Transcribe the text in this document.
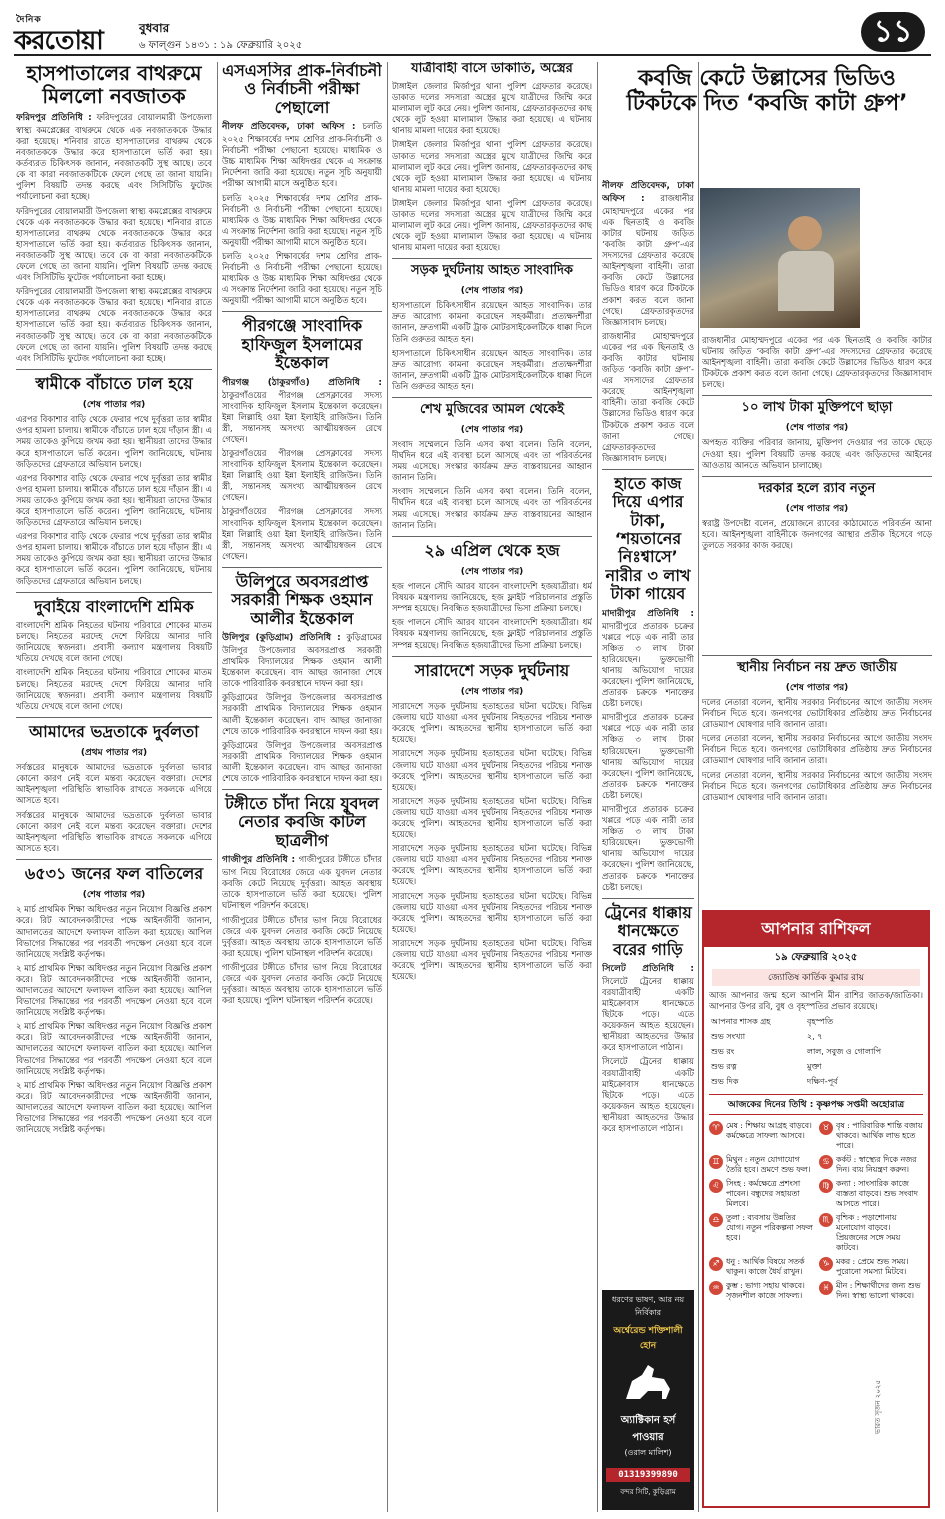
দৈনিক
করতোয়া	বুধবার
৬ ফাল্গুন ১৪৩১ : ১৯ ফেব্রুয়ারি ২০২৫	১১
হাসপাতালের বাথরুমে মিললো নবজাতক

ফরিদপুর প্রতিনিধি : ফরিদপুরের বোয়ালমারী উপজেলা স্বাস্থ্য কমপ্লেক্সের বাথরুমে থেকে এক নবজাতককে উদ্ধার করা হয়েছে। শনিবার রাতে হাসপাতালের বাথরুম থেকে নবজাতককে উদ্ধার করে হাসপাতালে ভর্তি করা হয়। কর্তব্যরত চিকিৎসক জানান, নবজাতকটি সুস্থ আছে। তবে কে বা কারা নবজাতকটিকে ফেলে গেছে তা জানা যায়নি। পুলিশ বিষয়টি তদন্ত করছে এবং সিসিটিভি ফুটেজ পর্যালোচনা করা হচ্ছে।

ফরিদপুরের বোয়ালমারী উপজেলা স্বাস্থ্য কমপ্লেক্সের বাথরুমে থেকে এক নবজাতককে উদ্ধার করা হয়েছে। শনিবার রাতে হাসপাতালের বাথরুম থেকে নবজাতককে উদ্ধার করে হাসপাতালে ভর্তি করা হয়। কর্তব্যরত চিকিৎসক জানান, নবজাতকটি সুস্থ আছে। তবে কে বা কারা নবজাতকটিকে ফেলে গেছে তা জানা যায়নি। পুলিশ বিষয়টি তদন্ত করছে এবং সিসিটিভি ফুটেজ পর্যালোচনা করা হচ্ছে।

ফরিদপুরের বোয়ালমারী উপজেলা স্বাস্থ্য কমপ্লেক্সের বাথরুমে থেকে এক নবজাতককে উদ্ধার করা হয়েছে। শনিবার রাতে হাসপাতালের বাথরুম থেকে নবজাতককে উদ্ধার করে হাসপাতালে ভর্তি করা হয়। কর্তব্যরত চিকিৎসক জানান, নবজাতকটি সুস্থ আছে। তবে কে বা কারা নবজাতকটিকে ফেলে গেছে তা জানা যায়নি। পুলিশ বিষয়টি তদন্ত করছে এবং সিসিটিভি ফুটেজ পর্যালোচনা করা হচ্ছে।

স্বামীকে বাঁচাতে ঢাল হয়ে
(শেষ পাতার পর)

এরপর বিকাশার বাড়ি থেকে ফেরার পথে দুর্বৃত্তরা তার স্বামীর ওপর হামলা চালায়। স্বামীকে বাঁচাতে ঢাল হয়ে দাঁড়ান স্ত্রী। এ সময় তাকেও কুপিয়ে জখম করা হয়। স্থানীয়রা তাদের উদ্ধার করে হাসপাতালে ভর্তি করেন। পুলিশ জানিয়েছে, ঘটনায় জড়িতদের গ্রেফতারে অভিযান চলছে।

এরপর বিকাশার বাড়ি থেকে ফেরার পথে দুর্বৃত্তরা তার স্বামীর ওপর হামলা চালায়। স্বামীকে বাঁচাতে ঢাল হয়ে দাঁড়ান স্ত্রী। এ সময় তাকেও কুপিয়ে জখম করা হয়। স্থানীয়রা তাদের উদ্ধার করে হাসপাতালে ভর্তি করেন। পুলিশ জানিয়েছে, ঘটনায় জড়িতদের গ্রেফতারে অভিযান চলছে।

এরপর বিকাশার বাড়ি থেকে ফেরার পথে দুর্বৃত্তরা তার স্বামীর ওপর হামলা চালায়। স্বামীকে বাঁচাতে ঢাল হয়ে দাঁড়ান স্ত্রী। এ সময় তাকেও কুপিয়ে জখম করা হয়। স্থানীয়রা তাদের উদ্ধার করে হাসপাতালে ভর্তি করেন। পুলিশ জানিয়েছে, ঘটনায় জড়িতদের গ্রেফতারে অভিযান চলছে।

দুবাইয়ে বাংলাদেশি শ্রমিক

বাংলাদেশি শ্রমিক নিহতের ঘটনায় পরিবারে শোকের মাতম চলছে। নিহতের মরদেহ দেশে ফিরিয়ে আনার দাবি জানিয়েছে স্বজনরা। প্রবাসী কল্যাণ মন্ত্রণালয় বিষয়টি খতিয়ে দেখছে বলে জানা গেছে।

বাংলাদেশি শ্রমিক নিহতের ঘটনায় পরিবারে শোকের মাতম চলছে। নিহতের মরদেহ দেশে ফিরিয়ে আনার দাবি জানিয়েছে স্বজনরা। প্রবাসী কল্যাণ মন্ত্রণালয় বিষয়টি খতিয়ে দেখছে বলে জানা গেছে।

আমাদের ভদ্রতাকে দুর্বলতা
(প্রথম পাতার পর)

সর্বস্তরের মানুষকে আমাদের ভদ্রতাকে দুর্বলতা ভাবার কোনো কারণ নেই বলে মন্তব্য করেছেন বক্তারা। দেশের আইনশৃঙ্খলা পরিস্থিতি স্বাভাবিক রাখতে সকলকে এগিয়ে আসতে হবে।

সর্বস্তরের মানুষকে আমাদের ভদ্রতাকে দুর্বলতা ভাবার কোনো কারণ নেই বলে মন্তব্য করেছেন বক্তারা। দেশের আইনশৃঙ্খলা পরিস্থিতি স্বাভাবিক রাখতে সকলকে এগিয়ে আসতে হবে।

৬৫৩১ জনের ফল বাতিলের
(শেষ পাতার পর)

২ মার্চ প্রাথমিক শিক্ষা অধিদপ্তর নতুন নিয়োগ বিজ্ঞপ্তি প্রকাশ করে। রিট আবেদনকারীদের পক্ষে আইনজীবী জানান, আদালতের আদেশে ফলাফল বাতিল করা হয়েছে। আপিল বিভাগের সিদ্ধান্তের পর পরবর্তী পদক্ষেপ নেওয়া হবে বলে জানিয়েছে সংশ্লিষ্ট কর্তৃপক্ষ।

২ মার্চ প্রাথমিক শিক্ষা অধিদপ্তর নতুন নিয়োগ বিজ্ঞপ্তি প্রকাশ করে। রিট আবেদনকারীদের পক্ষে আইনজীবী জানান, আদালতের আদেশে ফলাফল বাতিল করা হয়েছে। আপিল বিভাগের সিদ্ধান্তের পর পরবর্তী পদক্ষেপ নেওয়া হবে বলে জানিয়েছে সংশ্লিষ্ট কর্তৃপক্ষ।

২ মার্চ প্রাথমিক শিক্ষা অধিদপ্তর নতুন নিয়োগ বিজ্ঞপ্তি প্রকাশ করে। রিট আবেদনকারীদের পক্ষে আইনজীবী জানান, আদালতের আদেশে ফলাফল বাতিল করা হয়েছে। আপিল বিভাগের সিদ্ধান্তের পর পরবর্তী পদক্ষেপ নেওয়া হবে বলে জানিয়েছে সংশ্লিষ্ট কর্তৃপক্ষ।

২ মার্চ প্রাথমিক শিক্ষা অধিদপ্তর নতুন নিয়োগ বিজ্ঞপ্তি প্রকাশ করে। রিট আবেদনকারীদের পক্ষে আইনজীবী জানান, আদালতের আদেশে ফলাফল বাতিল করা হয়েছে। আপিল বিভাগের সিদ্ধান্তের পর পরবর্তী পদক্ষেপ নেওয়া হবে বলে জানিয়েছে সংশ্লিষ্ট কর্তৃপক্ষ।

এসএসসির প্রাক-নির্বাচনী ও নির্বাচনী পরীক্ষা পেছালো

নীলফ প্রতিবেদক, ঢাকা অফিস : চলতি ২০২৫ শিক্ষাবর্ষের দশম শ্রেণির প্রাক-নির্বাচনী ও নির্বাচনী পরীক্ষা পেছানো হয়েছে। মাধ্যমিক ও উচ্চ মাধ্যমিক শিক্ষা অধিদপ্তর থেকে এ সংক্রান্ত নির্দেশনা জারি করা হয়েছে। নতুন সূচি অনুযায়ী পরীক্ষা আগামী মাসে অনুষ্ঠিত হবে।

চলতি ২০২৫ শিক্ষাবর্ষের দশম শ্রেণির প্রাক-নির্বাচনী ও নির্বাচনী পরীক্ষা পেছানো হয়েছে। মাধ্যমিক ও উচ্চ মাধ্যমিক শিক্ষা অধিদপ্তর থেকে এ সংক্রান্ত নির্দেশনা জারি করা হয়েছে। নতুন সূচি অনুযায়ী পরীক্ষা আগামী মাসে অনুষ্ঠিত হবে।

চলতি ২০২৫ শিক্ষাবর্ষের দশম শ্রেণির প্রাক-নির্বাচনী ও নির্বাচনী পরীক্ষা পেছানো হয়েছে। মাধ্যমিক ও উচ্চ মাধ্যমিক শিক্ষা অধিদপ্তর থেকে এ সংক্রান্ত নির্দেশনা জারি করা হয়েছে। নতুন সূচি অনুযায়ী পরীক্ষা আগামী মাসে অনুষ্ঠিত হবে।

পীরগঞ্জে সাংবাদিক হাফিজুল ইসলামের ইন্তেকাল

পীরগঞ্জ (ঠাকুরগাঁও) প্রতিনিধি : ঠাকুরগাঁওয়ের পীরগঞ্জ প্রেসক্লাবের সদস্য সাংবাদিক হাফিজুল ইসলাম ইন্তেকাল করেছেন। ইন্না লিল্লাহি ওয়া ইন্না ইলাইহি রাজিউন। তিনি স্ত্রী, সন্তানসহ অসংখ্য আত্মীয়স্বজন রেখে গেছেন।

ঠাকুরগাঁওয়ের পীরগঞ্জ প্রেসক্লাবের সদস্য সাংবাদিক হাফিজুল ইসলাম ইন্তেকাল করেছেন। ইন্না লিল্লাহি ওয়া ইন্না ইলাইহি রাজিউন। তিনি স্ত্রী, সন্তানসহ অসংখ্য আত্মীয়স্বজন রেখে গেছেন।

ঠাকুরগাঁওয়ের পীরগঞ্জ প্রেসক্লাবের সদস্য সাংবাদিক হাফিজুল ইসলাম ইন্তেকাল করেছেন। ইন্না লিল্লাহি ওয়া ইন্না ইলাইহি রাজিউন। তিনি স্ত্রী, সন্তানসহ অসংখ্য আত্মীয়স্বজন রেখে গেছেন।

উলিপুরে অবসরপ্রাপ্ত সরকারী শিক্ষক ওহমান আলীর ইন্তেকাল

উলিপুর (কুড়িগ্রাম) প্রতিনিধি : কুড়িগ্রামের উলিপুর উপজেলার অবসরপ্রাপ্ত সরকারী প্রাথমিক বিদ্যালয়ের শিক্ষক ওহমান আলী ইন্তেকাল করেছেন। বাদ আছর জানাজা শেষে তাকে পারিবারিক কবরস্থানে দাফন করা হয়।

কুড়িগ্রামের উলিপুর উপজেলার অবসরপ্রাপ্ত সরকারী প্রাথমিক বিদ্যালয়ের শিক্ষক ওহমান আলী ইন্তেকাল করেছেন। বাদ আছর জানাজা শেষে তাকে পারিবারিক কবরস্থানে দাফন করা হয়।

কুড়িগ্রামের উলিপুর উপজেলার অবসরপ্রাপ্ত সরকারী প্রাথমিক বিদ্যালয়ের শিক্ষক ওহমান আলী ইন্তেকাল করেছেন। বাদ আছর জানাজা শেষে তাকে পারিবারিক কবরস্থানে দাফন করা হয়।

টঙ্গীতে চাঁদা নিয়ে যুবদল নেতার কবজি কাটল ছাত্রলীগ

গাজীপুর প্রতিনিধি : গাজীপুরের টঙ্গীতে চাঁদার ভাগ নিয়ে বিরোধের জেরে এক যুবদল নেতার কবজি কেটে নিয়েছে দুর্বৃত্তরা। আহত অবস্থায় তাকে হাসপাতালে ভর্তি করা হয়েছে। পুলিশ ঘটনাস্থল পরিদর্শন করেছে।

গাজীপুরের টঙ্গীতে চাঁদার ভাগ নিয়ে বিরোধের জেরে এক যুবদল নেতার কবজি কেটে নিয়েছে দুর্বৃত্তরা। আহত অবস্থায় তাকে হাসপাতালে ভর্তি করা হয়েছে। পুলিশ ঘটনাস্থল পরিদর্শন করেছে।

গাজীপুরের টঙ্গীতে চাঁদার ভাগ নিয়ে বিরোধের জেরে এক যুবদল নেতার কবজি কেটে নিয়েছে দুর্বৃত্তরা। আহত অবস্থায় তাকে হাসপাতালে ভর্তি করা হয়েছে। পুলিশ ঘটনাস্থল পরিদর্শন করেছে।

যাত্রীবাহী বাসে ডাকাতি, অস্ত্রের

টাঙ্গাইল জেলার মির্জাপুর থানা পুলিশ গ্রেফতার করেছে। ডাকাত দলের সদস্যরা অস্ত্রের মুখে যাত্রীদের জিম্মি করে মালামাল লুট করে নেয়। পুলিশ জানায়, গ্রেফতারকৃতদের কাছ থেকে লুট হওয়া মালামাল উদ্ধার করা হয়েছে। এ ঘটনায় থানায় মামলা দায়ের করা হয়েছে।

টাঙ্গাইল জেলার মির্জাপুর থানা পুলিশ গ্রেফতার করেছে। ডাকাত দলের সদস্যরা অস্ত্রের মুখে যাত্রীদের জিম্মি করে মালামাল লুট করে নেয়। পুলিশ জানায়, গ্রেফতারকৃতদের কাছ থেকে লুট হওয়া মালামাল উদ্ধার করা হয়েছে। এ ঘটনায় থানায় মামলা দায়ের করা হয়েছে।

টাঙ্গাইল জেলার মির্জাপুর থানা পুলিশ গ্রেফতার করেছে। ডাকাত দলের সদস্যরা অস্ত্রের মুখে যাত্রীদের জিম্মি করে মালামাল লুট করে নেয়। পুলিশ জানায়, গ্রেফতারকৃতদের কাছ থেকে লুট হওয়া মালামাল উদ্ধার করা হয়েছে। এ ঘটনায় থানায় মামলা দায়ের করা হয়েছে।

সড়ক দুর্ঘটনায় আহত সাংবাদিক
(শেষ পাতার পর)

হাসপাতালে চিকিৎসাধীন রয়েছেন আহত সাংবাদিক। তার দ্রুত আরোগ্য কামনা করেছেন সহকর্মীরা। প্রত্যক্ষদর্শীরা জানান, দ্রুতগামী একটি ট্রাক মোটরসাইকেলটিকে ধাক্কা দিলে তিনি গুরুতর আহত হন।

হাসপাতালে চিকিৎসাধীন রয়েছেন আহত সাংবাদিক। তার দ্রুত আরোগ্য কামনা করেছেন সহকর্মীরা। প্রত্যক্ষদর্শীরা জানান, দ্রুতগামী একটি ট্রাক মোটরসাইকেলটিকে ধাক্কা দিলে তিনি গুরুতর আহত হন।

শেখ মুজিবের আমল থেকেই
(শেষ পাতার পর)

সংবাদ সম্মেলনে তিনি এসব কথা বলেন। তিনি বলেন, দীর্ঘদিন ধরে এই ব্যবস্থা চলে আসছে এবং তা পরিবর্তনের সময় এসেছে। সংস্কার কার্যক্রম দ্রুত বাস্তবায়নের আহ্বান জানান তিনি।

সংবাদ সম্মেলনে তিনি এসব কথা বলেন। তিনি বলেন, দীর্ঘদিন ধরে এই ব্যবস্থা চলে আসছে এবং তা পরিবর্তনের সময় এসেছে। সংস্কার কার্যক্রম দ্রুত বাস্তবায়নের আহ্বান জানান তিনি।

২৯ এপ্রিল থেকে হজ
(শেষ পাতার পর)

হজ পালনে সৌদি আরব যাবেন বাংলাদেশি হজযাত্রীরা। ধর্ম বিষয়ক মন্ত্রণালয় জানিয়েছে, হজ ফ্লাইট পরিচালনার প্রস্তুতি সম্পন্ন হয়েছে। নিবন্ধিত হজযাত্রীদের ভিসা প্রক্রিয়া চলছে।

হজ পালনে সৌদি আরব যাবেন বাংলাদেশি হজযাত্রীরা। ধর্ম বিষয়ক মন্ত্রণালয় জানিয়েছে, হজ ফ্লাইট পরিচালনার প্রস্তুতি সম্পন্ন হয়েছে। নিবন্ধিত হজযাত্রীদের ভিসা প্রক্রিয়া চলছে।

সারাদেশে সড়ক দুর্ঘটনায়
(শেষ পাতার পর)

সারাদেশে সড়ক দুর্ঘটনায় হতাহতের ঘটনা ঘটেছে। বিভিন্ন জেলায় ঘটে যাওয়া এসব দুর্ঘটনায় নিহতদের পরিচয় শনাক্ত করেছে পুলিশ। আহতদের স্থানীয় হাসপাতালে ভর্তি করা হয়েছে।

সারাদেশে সড়ক দুর্ঘটনায় হতাহতের ঘটনা ঘটেছে। বিভিন্ন জেলায় ঘটে যাওয়া এসব দুর্ঘটনায় নিহতদের পরিচয় শনাক্ত করেছে পুলিশ। আহতদের স্থানীয় হাসপাতালে ভর্তি করা হয়েছে।

সারাদেশে সড়ক দুর্ঘটনায় হতাহতের ঘটনা ঘটেছে। বিভিন্ন জেলায় ঘটে যাওয়া এসব দুর্ঘটনায় নিহতদের পরিচয় শনাক্ত করেছে পুলিশ। আহতদের স্থানীয় হাসপাতালে ভর্তি করা হয়েছে।

সারাদেশে সড়ক দুর্ঘটনায় হতাহতের ঘটনা ঘটেছে। বিভিন্ন জেলায় ঘটে যাওয়া এসব দুর্ঘটনায় নিহতদের পরিচয় শনাক্ত করেছে পুলিশ। আহতদের স্থানীয় হাসপাতালে ভর্তি করা হয়েছে।

সারাদেশে সড়ক দুর্ঘটনায় হতাহতের ঘটনা ঘটেছে। বিভিন্ন জেলায় ঘটে যাওয়া এসব দুর্ঘটনায় নিহতদের পরিচয় শনাক্ত করেছে পুলিশ। আহতদের স্থানীয় হাসপাতালে ভর্তি করা হয়েছে।

সারাদেশে সড়ক দুর্ঘটনায় হতাহতের ঘটনা ঘটেছে। বিভিন্ন জেলায় ঘটে যাওয়া এসব দুর্ঘটনায় নিহতদের পরিচয় শনাক্ত করেছে পুলিশ। আহতদের স্থানীয় হাসপাতালে ভর্তি করা হয়েছে।

ভারত সৃজন ২০২৫
কবজি কেটে উল্লাসের ভিডিও টিকটকে দিত ‘কবজি কাটা গ্রুপ’

নীলফ প্রতিবেদক, ঢাকা অফিস : রাজধানীর মোহাম্মদপুরে একের পর এক ছিনতাই ও কবজি কাটার ঘটনায় জড়িত ‘কবজি কাটা গ্রুপ’-এর সদস্যদের গ্রেফতার করেছে আইনশৃঙ্খলা বাহিনী। তারা কবজি কেটে উল্লাসের ভিডিও ধারণ করে টিকটকে প্রকাশ করত বলে জানা গেছে। গ্রেফতারকৃতদের জিজ্ঞাসাবাদ চলছে।

রাজধানীর মোহাম্মদপুরে একের পর এক ছিনতাই ও কবজি কাটার ঘটনায় জড়িত ‘কবজি কাটা গ্রুপ’-এর সদস্যদের গ্রেফতার করেছে আইনশৃঙ্খলা বাহিনী। তারা কবজি কেটে উল্লাসের ভিডিও ধারণ করে টিকটকে প্রকাশ করত বলে জানা গেছে। গ্রেফতারকৃতদের জিজ্ঞাসাবাদ চলছে।

হাতে কাজ দিয়ে এপার টাকা, ‘শয়তানের নিঃশ্বাসে’ নারীর ৩ লাখ টাকা গায়েব

মাদারীপুর প্রতিনিধি : মাদারীপুরে প্রতারক চক্রের খপ্পরে পড়ে এক নারী তার সঞ্চিত ৩ লাখ টাকা হারিয়েছেন। ভুক্তভোগী থানায় অভিযোগ দায়ের করেছেন। পুলিশ জানিয়েছে, প্রতারক চক্রকে শনাক্তের চেষ্টা চলছে।

মাদারীপুরে প্রতারক চক্রের খপ্পরে পড়ে এক নারী তার সঞ্চিত ৩ লাখ টাকা হারিয়েছেন। ভুক্তভোগী থানায় অভিযোগ দায়ের করেছেন। পুলিশ জানিয়েছে, প্রতারক চক্রকে শনাক্তের চেষ্টা চলছে।

মাদারীপুরে প্রতারক চক্রের খপ্পরে পড়ে এক নারী তার সঞ্চিত ৩ লাখ টাকা হারিয়েছেন। ভুক্তভোগী থানায় অভিযোগ দায়ের করেছেন। পুলিশ জানিয়েছে, প্রতারক চক্রকে শনাক্তের চেষ্টা চলছে।

ট্রেনের ধাক্কায় ধানক্ষেতে বরের গাড়ি

সিলেট প্রতিনিধি : সিলেটে ট্রেনের ধাক্কায় বরযাত্রীবাহী একটি মাইক্রোবাস ধানক্ষেতে ছিটকে পড়ে। এতে কয়েকজন আহত হয়েছেন। স্থানীয়রা আহতদের উদ্ধার করে হাসপাতালে পাঠান।

সিলেটে ট্রেনের ধাক্কায় বরযাত্রীবাহী একটি মাইক্রোবাস ধানক্ষেতে ছিটকে পড়ে। এতে কয়েকজন আহত হয়েছেন। স্থানীয়রা আহতদের উদ্ধার করে হাসপাতালে পাঠান।

রাজধানীর মোহাম্মদপুরে একের পর এক ছিনতাই ও কবজি কাটার ঘটনায় জড়িত ‘কবজি কাটা গ্রুপ’-এর সদস্যদের গ্রেফতার করেছে আইনশৃঙ্খলা বাহিনী। তারা কবজি কেটে উল্লাসের ভিডিও ধারণ করে টিকটকে প্রকাশ করত বলে জানা গেছে। গ্রেফতারকৃতদের জিজ্ঞাসাবাদ চলছে।

১০ লাখ টাকা মুক্তিপণে ছাড়া
(শেষ পাতার পর)

অপহৃত ব্যক্তির পরিবার জানায়, মুক্তিপণ দেওয়ার পর তাকে ছেড়ে দেওয়া হয়। পুলিশ বিষয়টি তদন্ত করছে এবং জড়িতদের আইনের আওতায় আনতে অভিযান চালাচ্ছে।

দরকার হলে র‌্যাব নতুন
(শেষ পাতার পর)

স্বরাষ্ট্র উপদেষ্টা বলেন, প্রয়োজনে র‌্যাবের কাঠামোতে পরিবর্তন আনা হবে। আইনশৃঙ্খলা বাহিনীকে জনগণের আস্থার প্রতীক হিসেবে গড়ে তুলতে সরকার কাজ করছে।

স্থানীয় নির্বাচন নয় দ্রুত জাতীয়
(শেষ পাতার পর)

দলের নেতারা বলেন, স্থানীয় সরকার নির্বাচনের আগে জাতীয় সংসদ নির্বাচন দিতে হবে। জনগণের ভোটাধিকার প্রতিষ্ঠায় দ্রুত নির্বাচনের রোডম্যাপ ঘোষণার দাবি জানান তারা।

দলের নেতারা বলেন, স্থানীয় সরকার নির্বাচনের আগে জাতীয় সংসদ নির্বাচন দিতে হবে। জনগণের ভোটাধিকার প্রতিষ্ঠায় দ্রুত নির্বাচনের রোডম্যাপ ঘোষণার দাবি জানান তারা।

দলের নেতারা বলেন, স্থানীয় সরকার নির্বাচনের আগে জাতীয় সংসদ নির্বাচন দিতে হবে। জনগণের ভোটাধিকার প্রতিষ্ঠায় দ্রুত নির্বাচনের রোডম্যাপ ঘোষণার দাবি জানান তারা।

ধরণের ভাষণ, আর নয় নির্বিকার
অর্শ্বেরেন্ড শক্তিশালী হোন
অ্যাক্টিকান হর্স পাওয়ার
(ওরাল মালিশ)
01319399890
বন্দর সিটি, কুড়িগ্রাম
আপনার রাশিফল
১৯ ফেব্রুয়ারি ২০২৫
জ্যোতিষ কার্তিক কুমার রায়

আজ আপনার জন্ম হলে আপনি মীন রাশির জাতক/জাতিকা। আপনার উপর রবি, বুধ ও বৃহস্পতির প্রভাব রয়েছে।

আপনার শাসক গ্রহ	বৃহস্পতি
শুভ সংখ্যা	২, ৭
শুভ রং	লাল, সবুজ ও গোলাপি
শুভ রত্ন	মুক্তা
শুভ দিক	দক্ষিণ-পূর্ব
আজকের দিনের তিথি : কৃষ্ণপক্ষ সপ্তমী অহোরাত্র
♈ মেষ : শিক্ষায় আগ্রহ বাড়বে। কর্মক্ষেত্রে সাফল্য আসবে।
♉ বৃষ : পারিবারিক শান্তি বজায় থাকবে। আর্থিক লাভ হতে পারে।
♊ মিথুন : নতুন যোগাযোগ তৈরি হবে। ভ্রমণে শুভ ফল।
♋ কর্কট : স্বাস্থ্যের দিকে নজর দিন। ব্যয় নিয়ন্ত্রণ করুন।
♌ সিংহ : কর্মক্ষেত্রে প্রশংসা পাবেন। বন্ধুদের সহায়তা মিলবে।
♍ কন্যা : সাংসারিক কাজে ব্যস্ততা বাড়বে। শুভ সংবাদ আসতে পারে।
♎ তুলা : ব্যবসায় উন্নতির যোগ। নতুন পরিকল্পনা সফল হবে।
♏ বৃশ্চিক : পড়াশোনায় মনোযোগ বাড়বে। প্রিয়জনের সঙ্গে সময় কাটবে।
♐ ধনু : আর্থিক বিষয়ে সতর্ক থাকুন। কাজে ধৈর্য রাখুন।
♑ মকর : প্রেমে শুভ সময়। পুরোনো সমস্যা মিটবে।
♒ কুম্ভ : ভাগ্য সহায় থাকবে। সৃজনশীল কাজে সাফল্য।
♓ মীন : শিক্ষার্থীদের জন্য শুভ দিন। স্বাস্থ্য ভালো থাকবে।
